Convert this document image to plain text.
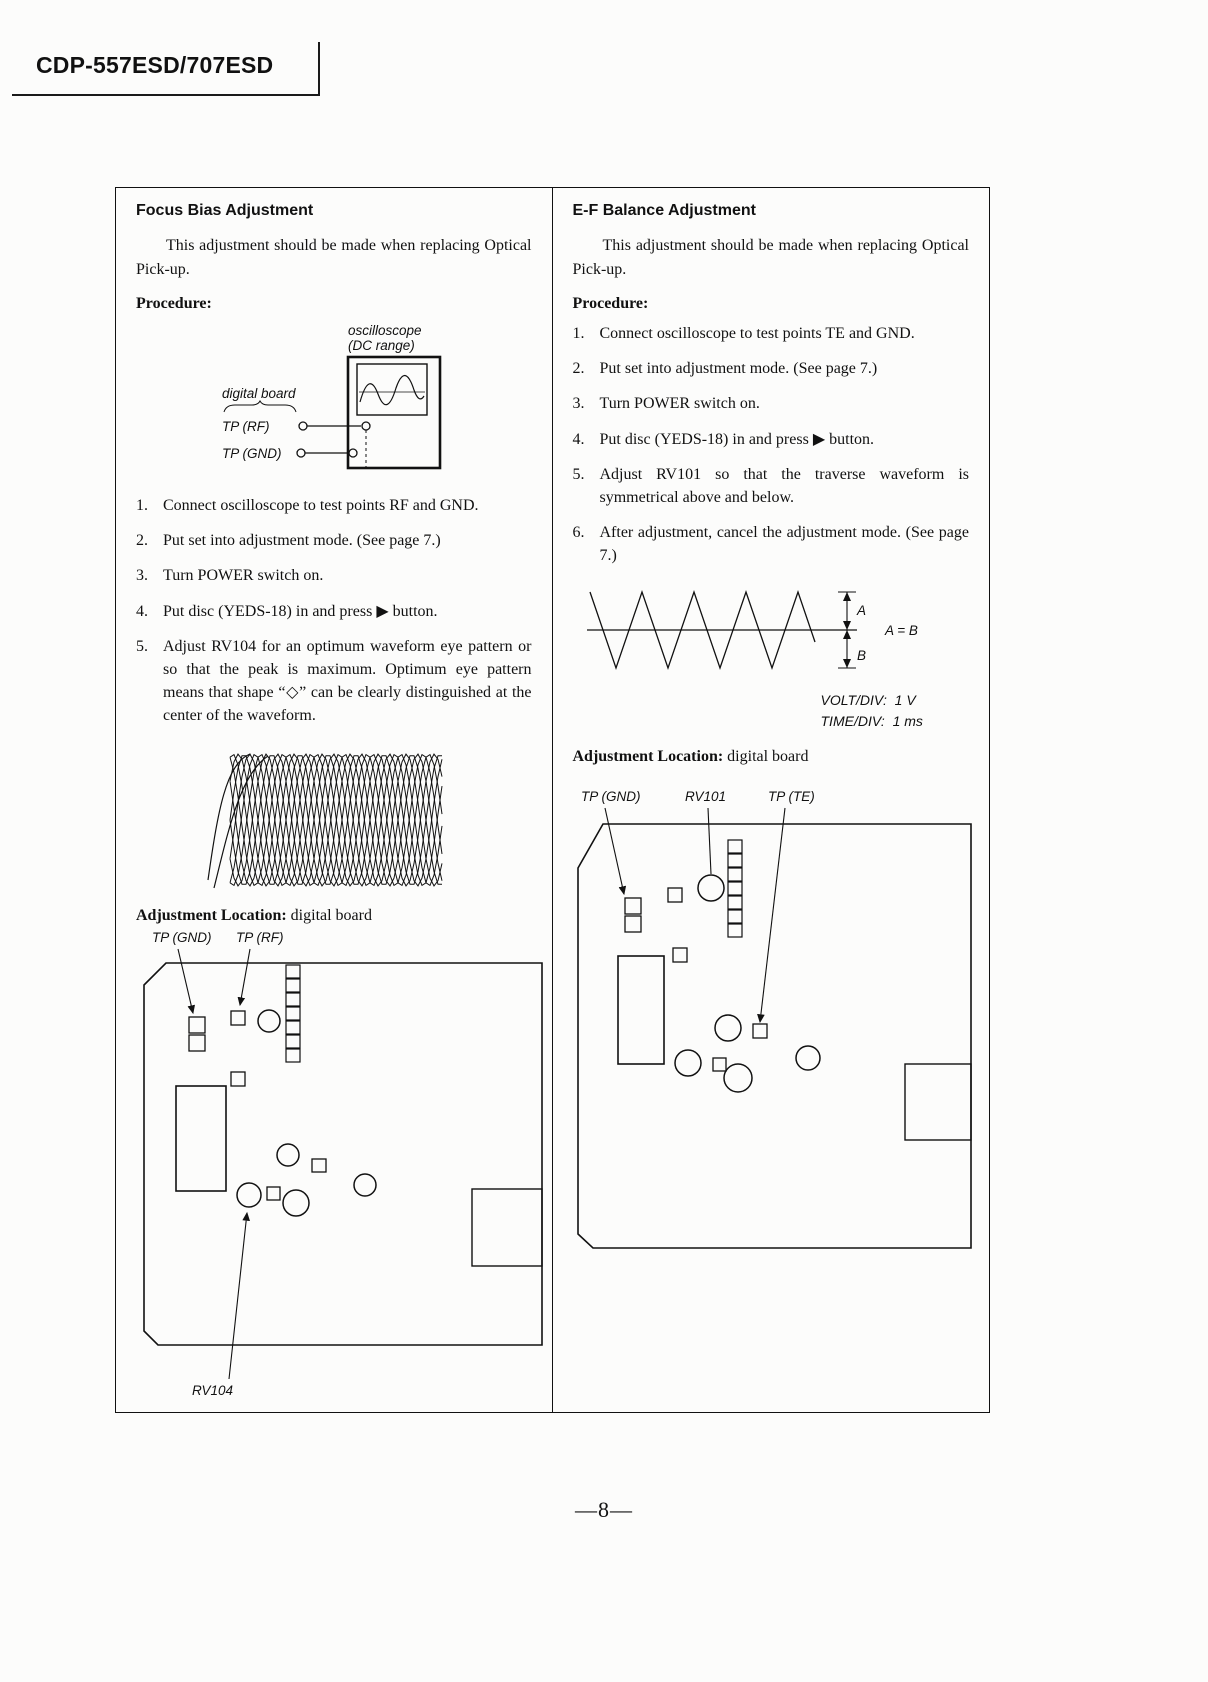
CDP-557ESD/707ESD
Focus Bias Adjustment

This adjustment should be made when replacing Optical Pick-up.

Procedure:
oscilloscope
(DC range)
digital board
TP (RF)
TP (GND)
1. Connect oscilloscope to test points RF and GND.
2. Put set into adjustment mode. (See page 7.)
3. Turn POWER switch on.
4. Put disc (YEDS-18) in and press ▶ button.
5. Adjust RV104 for an optimum waveform eye pattern or so that the peak is maximum. Optimum eye pattern means that shape “◇” can be clearly distinguished at the center of the waveform.

Adjustment Location: digital board

TP (GND) TP (RF)
RV104
E-F Balance Adjustment

This adjustment should be made when replacing Optical Pick-up.

Procedure:
1. Connect oscilloscope to test points TE and GND.
2. Put set into adjustment mode. (See page 7.)
3. Turn POWER switch on.
4. Put disc (YEDS-18) in and press ▶ button.
5. Adjust RV101 so that the traverse waveform is symmetrical above and below.
6. After adjustment, cancel the adjustment mode. (See page 7.)
A
B
A = B
VOLT/DIV:  1 V
TIME/DIV:  1 ms

Adjustment Location: digital board

TP (GND)	RV101	TP (TE)
—8—
